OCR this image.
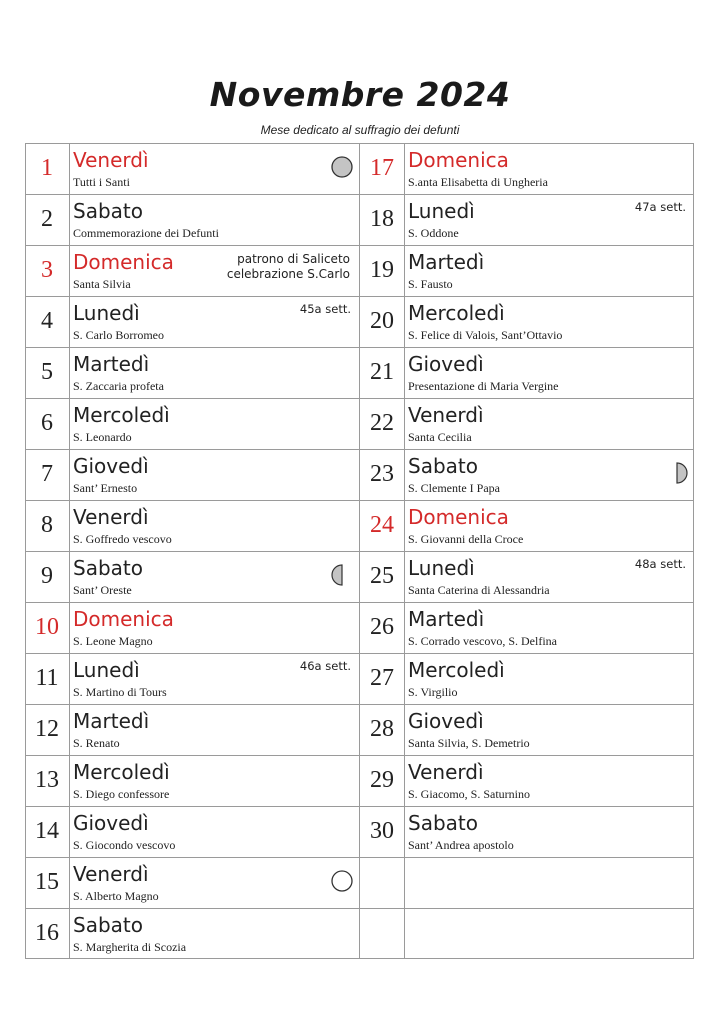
Novembre 2024
Mese dedicato al suffragio dei defunti
1	Venerdì
Tutti i Santi
2	Sabato
Commemorazione dei Defunti
3	Domenica
Santa Silvia
patrono di Saliceto
celebrazione S.Carlo
4	Lunedì
S. Carlo Borromeo
45a sett.
5	Martedì
S. Zaccaria profeta
6	Mercoledì
S. Leonardo
7	Giovedì
Sant’ Ernesto
8	Venerdì
S. Goffredo vescovo
9	Sabato
Sant’ Oreste
10 Domenica
S. Leone Magno
11 Lunedì
S. Martino di Tours
46a sett.
12 Martedì
S. Renato
13 Mercoledì
S. Diego confessore
14 Giovedì
S. Giocondo vescovo
15 Venerdì
S. Alberto Magno
16 Sabato
S. Margherita di Scozia
17 Domenica
S.anta Elisabetta di Ungheria
18 Lunedì
S. Oddone
47a sett.
19 Martedì
S. Fausto
20 Mercoledì
S. Felice di Valois, Sant’Ottavio
21 Giovedì
Presentazione di Maria Vergine
22 Venerdì
Santa Cecilia
23 Sabato
S. Clemente I Papa
24 Domenica
S. Giovanni della Croce
25 Lunedì
Santa Caterina di Alessandria
48a sett.
26 Martedì
S. Corrado vescovo, S. Delfina
27 Mercoledì
S. Virgilio
28 Giovedì
Santa Silvia, S. Demetrio
29 Venerdì
S. Giacomo, S. Saturnino
30 Sabato
Sant’ Andrea apostolo
